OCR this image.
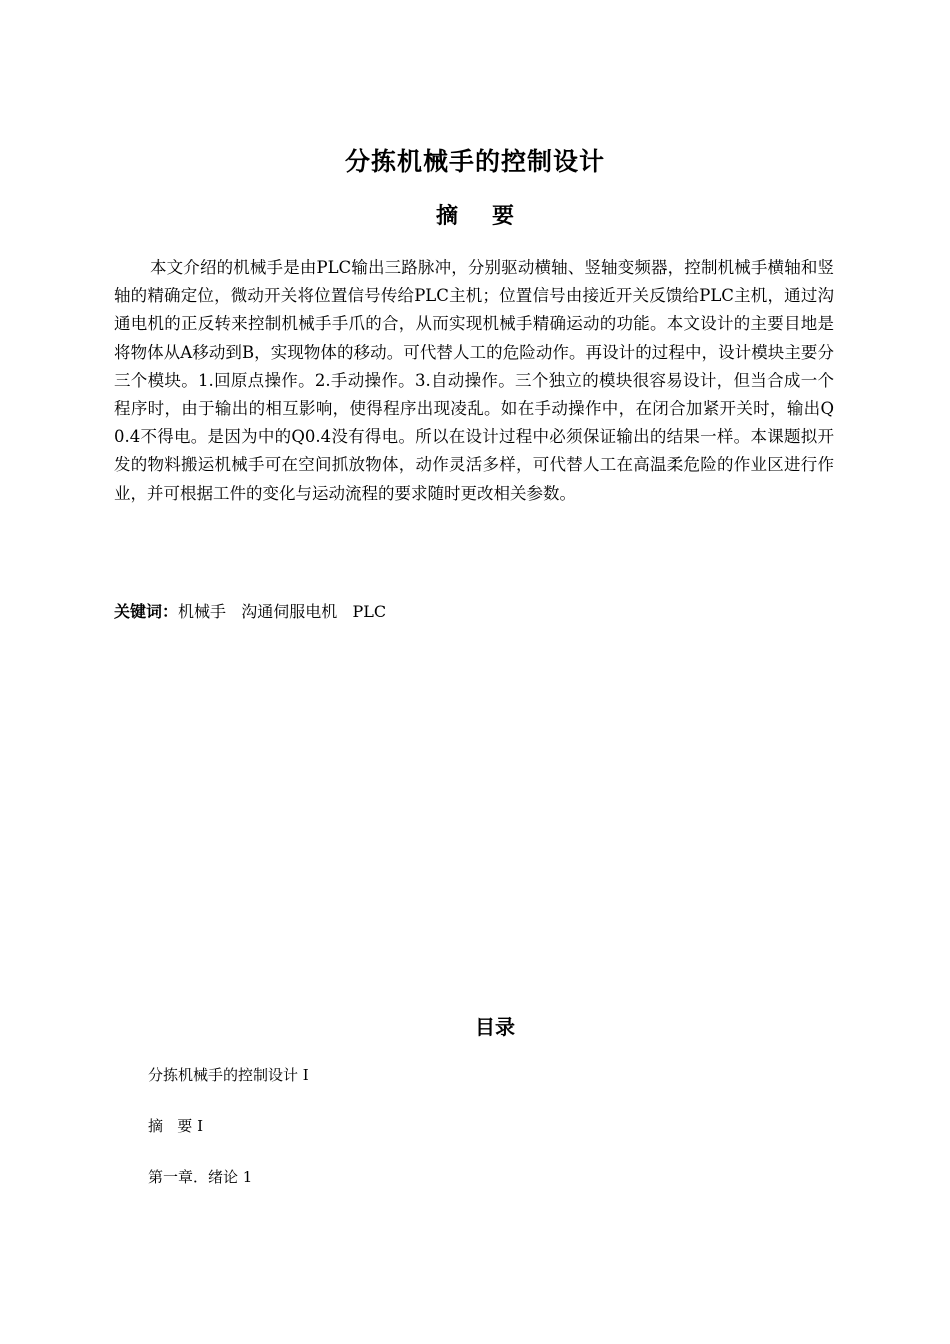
分拣机械手的控制设计
摘要

本文介绍的机械手是由PLC输出三路脉冲，分别驱动横轴、竖轴变频器，控制机械手横轴和竖轴的精确定位，微动开关将位置信号传给PLC主机；位置信号由接近开关反馈给PLC主机，通过沟通电机的正反转来控制机械手手爪的合，从而实现机械手精确运动的功能。本文设计的主要目地是将物体从A移动到B，实现物体的移动。可代替人工的危险动作。再设计的过程中，设计模块主要分三个模块。1.回原点操作。2.手动操作。3.自动操作。三个独立的模块很容易设计，但当合成一个程序时，由于输出的相互影响，使得程序出现凌乱。如在手动操作中，在闭合加紧开关时，输出Q0.4不得电。是因为中的Q0.4没有得电。所以在设计过程中必须保证输出的结果一样。本课题拟开发的物料搬运机械手可在空间抓放物体，动作灵活多样，可代替人工在高温柔危险的作业区进行作业，并可根据工件的变化与运动流程的要求随时更改相关参数。

关键词：机械手   沟通伺服电机   PLC
目录
分拣机械手的控制设计 I
摘   要 I
第一章．绪论 1
